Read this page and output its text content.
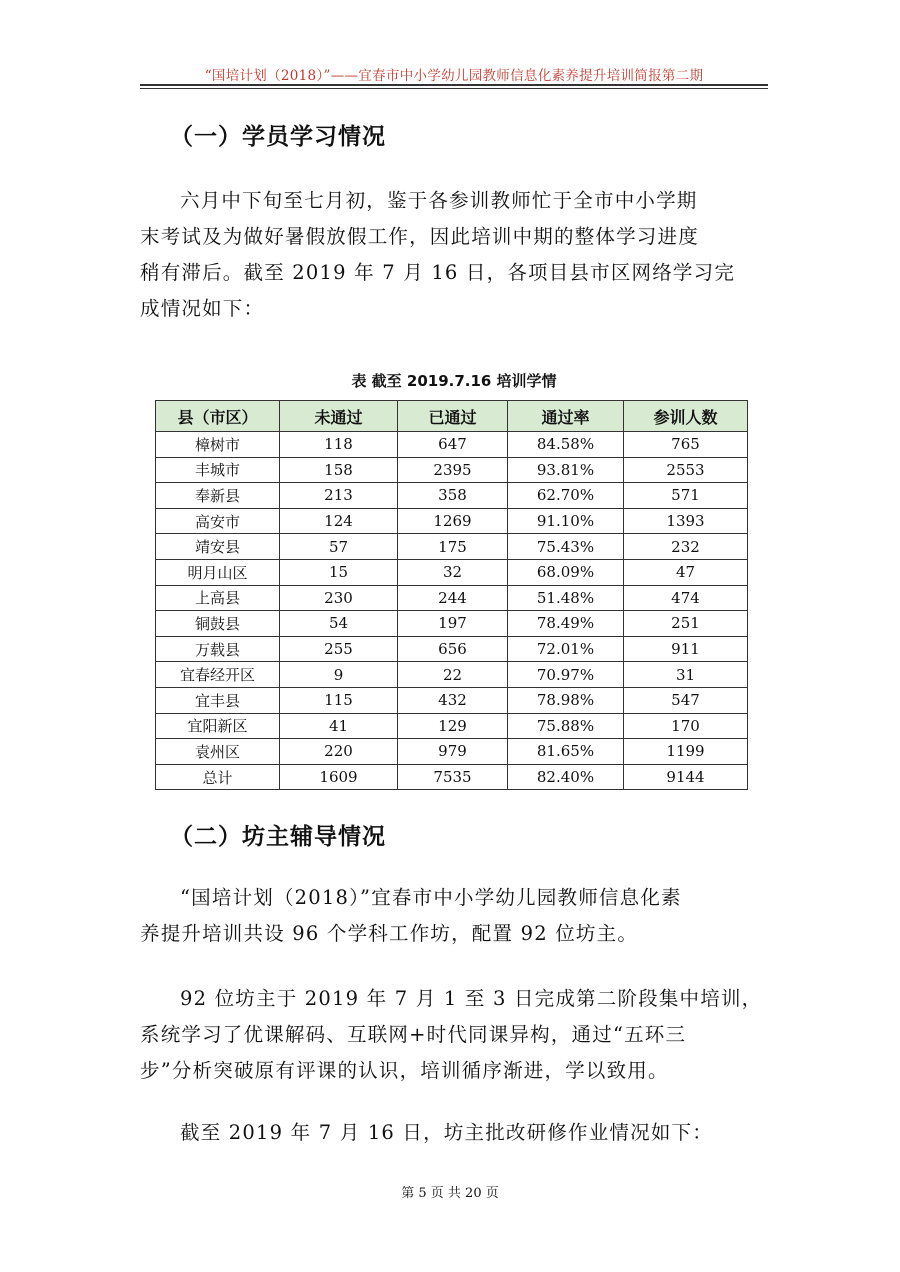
“国培计划（2018）”——宜春市中小学幼儿园教师信息化素养提升培训简报第二期
（一）学员学习情况
六月中下旬至七月初，鉴于各参训教师忙于全市中小学期
末考试及为做好暑假放假工作，因此培训中期的整体学习进度
稍有滞后。截至 2019 年 7 月 16 日，各项目县市区网络学习完
成情况如下：
表 截至 2019.7.16 培训学情
县（市区）	未通过	已通过	通过率	参训人数
樟树市	118	647	84.58%	765
丰城市	158	2395	93.81%	2553
奉新县	213	358	62.70%	571
高安市	124	1269	91.10%	1393
靖安县	57	175	75.43%	232
明月山区	15	32	68.09%	47
上高县	230	244	51.48%	474
铜鼓县	54	197	78.49%	251
万载县	255	656	72.01%	911
宜春经开区	9	22	70.97%	31
宜丰县	115	432	78.98%	547
宜阳新区	41	129	75.88%	170
袁州区	220	979	81.65%	1199
总计	1609	7535	82.40%	9144
（二）坊主辅导情况
“国培计划（2018）”宜春市中小学幼儿园教师信息化素
养提升培训共设 96 个学科工作坊，配置 92 位坊主。
92 位坊主于 2019 年 7 月 1 至 3 日完成第二阶段集中培训，
系统学习了优课解码、互联网+时代同课异构，通过“五环三
步”分析突破原有评课的认识，培训循序渐进，学以致用。
截至 2019 年 7 月 16 日，坊主批改研修作业情况如下：
第 5 页 共 20 页
